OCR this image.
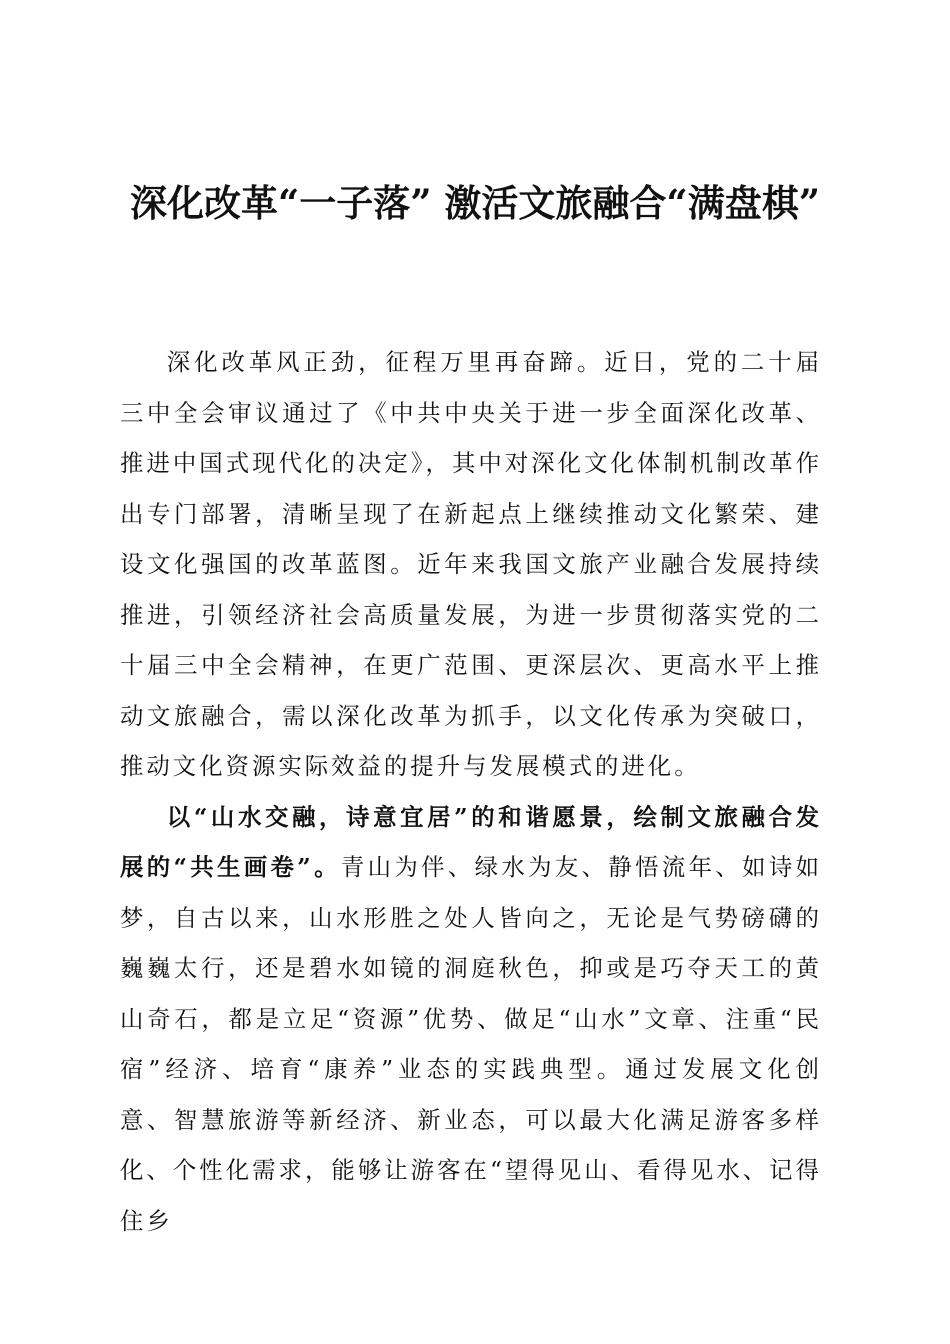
深化改革“一子落” 激活文旅融合“满盘棋”

深化改革风正劲，征程万里再奋蹄。近日，党的二十届三中全会审议通过了《中共中央关于进一步全面深化改革、推进中国式现代化的决定》，其中对深化文化体制机制改革作出专门部署，清晰呈现了在新起点上继续推动文化繁荣、建设文化强国的改革蓝图。近年来我国文旅产业融合发展持续推进，引领经济社会高质量发展，为进一步贯彻落实党的二十届三中全会精神，在更广范围、更深层次、更高水平上推动文旅融合，需以深化改革为抓手，以文化传承为突破口，推动文化资源实际效益的提升与发展模式的进化。

以“山水交融，诗意宜居”的和谐愿景，绘制文旅融合发展的“共生画卷”。青山为伴、绿水为友、静悟流年、如诗如梦，自古以来，山水形胜之处人皆向之，无论是气势磅礴的巍巍太行，还是碧水如镜的洞庭秋色，抑或是巧夺天工的黄山奇石，都是立足“资源”优势、做足“山水”文章、注重“民宿”经济、培育“康养”业态的实践典型。通过发展文化创意、智慧旅游等新经济、新业态，可以最大化满足游客多样化、个性化需求，能够让游客在“望得见山、看得见水、记得住乡
